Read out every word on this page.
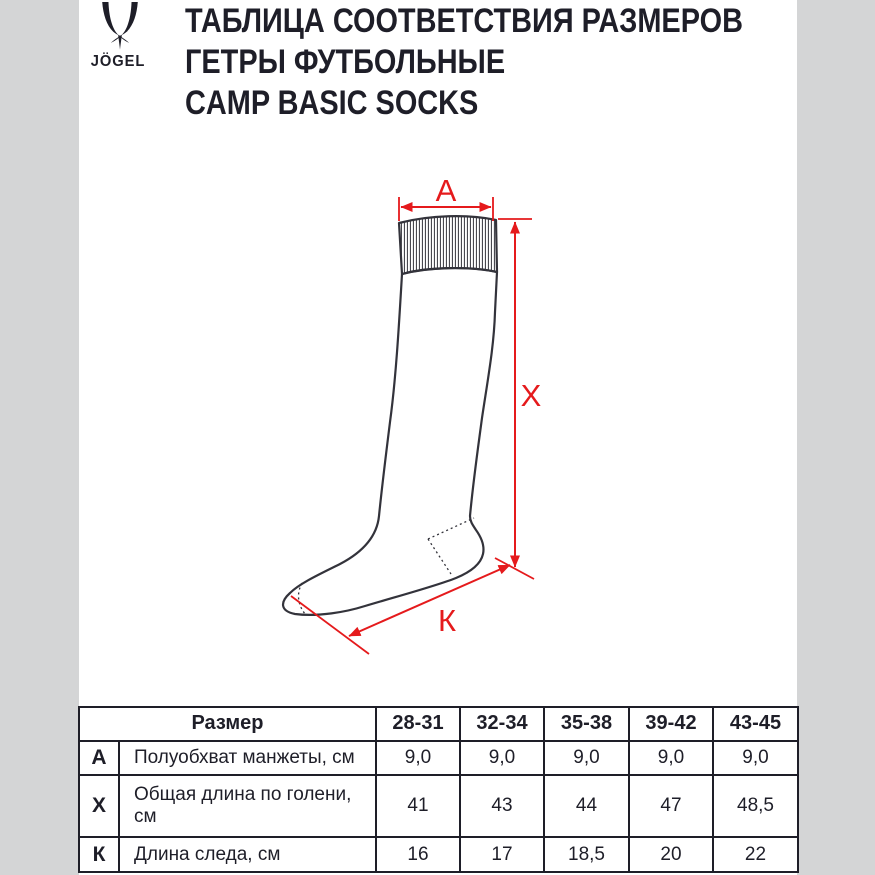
JÖGEL
ТАБЛИЦА СООТВЕТСТВИЯ РАЗМЕРОВ
ГЕТРЫ ФУТБОЛЬНЫЕ
CAMP BASIC SOCKS
А
Х
К
Размер		28-31	32-34	35-38	39-42	43-45
А	Полуобхват манжеты, см	9,0	9,0	9,0	9,0	9,0
Х	Общая длина по голени, см	41	43	44	47	48,5
К	Длина следа, см	16	17	18,5	20	22
